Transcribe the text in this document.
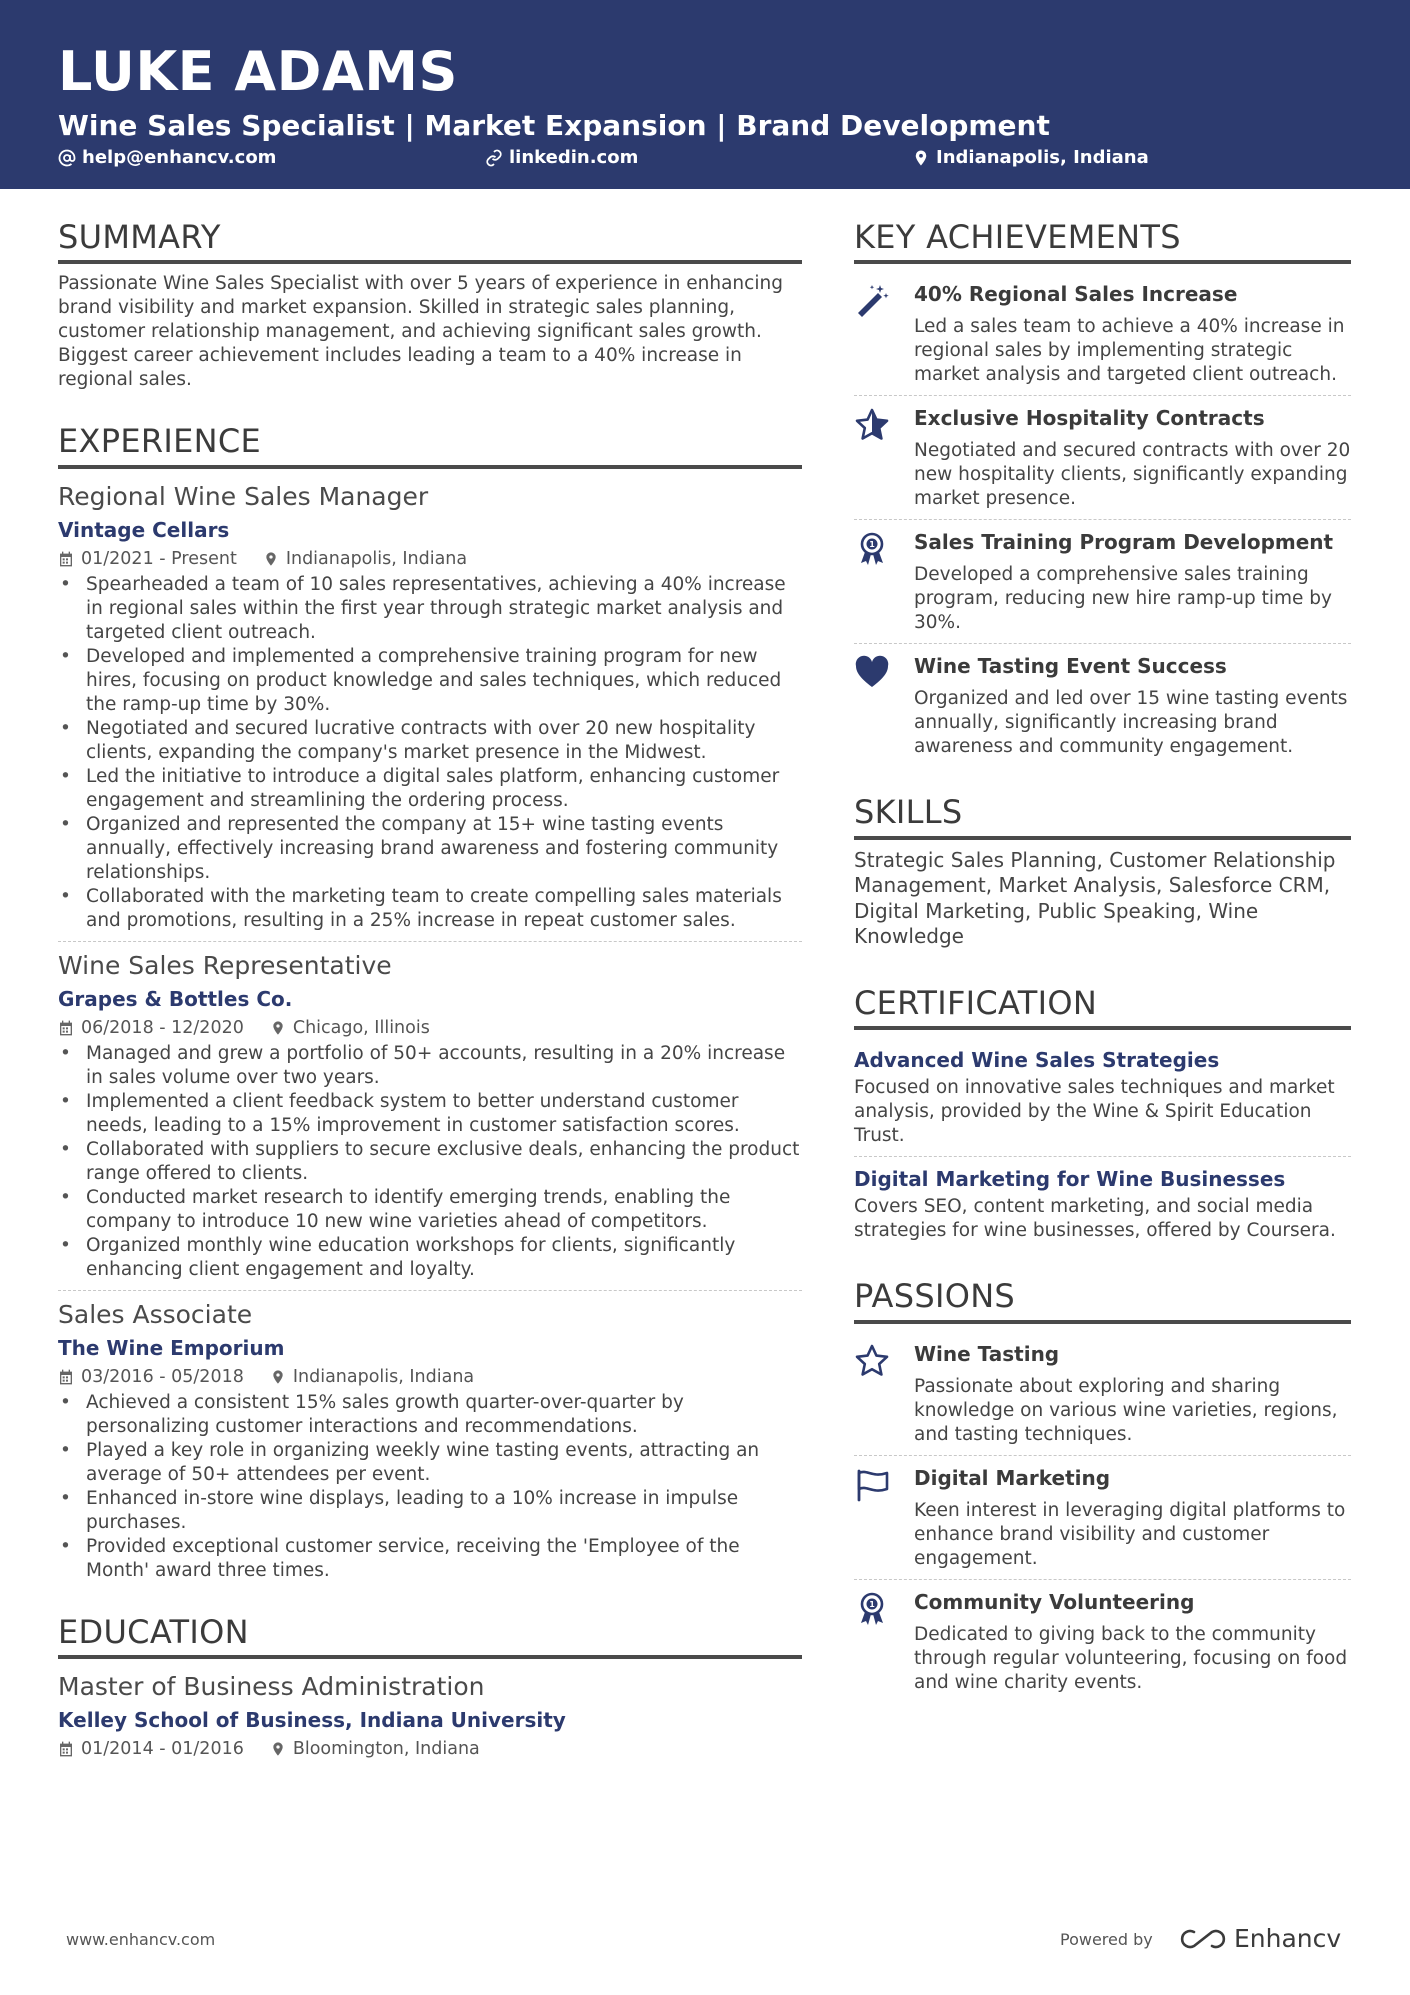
LUKE ADAMS
Wine Sales Specialist | Market Expansion | Brand Development
help@enhancv.com	linkedin.com	Indianapolis, Indiana
SUMMARY
Passionate Wine Sales Specialist with over 5 years of experience in enhancing brand visibility and market expansion. Skilled in strategic sales planning, customer relationship management, and achieving significant sales growth. Biggest career achievement includes leading a team to a 40% increase in regional sales.
EXPERIENCE
Regional Wine Sales Manager
Vintage Cellars
01/2021 - Present	Indianapolis, Indiana
• Spearheaded a team of 10 sales representatives, achieving a 40% increase in regional sales within the first year through strategic market analysis and targeted client outreach.
• Developed and implemented a comprehensive training program for new hires, focusing on product knowledge and sales techniques, which reduced the ramp-up time by 30%.
• Negotiated and secured lucrative contracts with over 20 new hospitality clients, expanding the company's market presence in the Midwest.
• Led the initiative to introduce a digital sales platform, enhancing customer engagement and streamlining the ordering process.
• Organized and represented the company at 15+ wine tasting events annually, effectively increasing brand awareness and fostering community relationships.
• Collaborated with the marketing team to create compelling sales materials and promotions, resulting in a 25% increase in repeat customer sales.
Wine Sales Representative
Grapes & Bottles Co.
06/2018 - 12/2020	Chicago, Illinois
• Managed and grew a portfolio of 50+ accounts, resulting in a 20% increase in sales volume over two years.
• Implemented a client feedback system to better understand customer needs, leading to a 15% improvement in customer satisfaction scores.
• Collaborated with suppliers to secure exclusive deals, enhancing the product range offered to clients.
• Conducted market research to identify emerging trends, enabling the company to introduce 10 new wine varieties ahead of competitors.
• Organized monthly wine education workshops for clients, significantly enhancing client engagement and loyalty.
Sales Associate
The Wine Emporium
03/2016 - 05/2018	Indianapolis, Indiana
• Achieved a consistent 15% sales growth quarter-over-quarter by personalizing customer interactions and recommendations.
• Played a key role in organizing weekly wine tasting events, attracting an average of 50+ attendees per event.
• Enhanced in-store wine displays, leading to a 10% increase in impulse purchases.
• Provided exceptional customer service, receiving the 'Employee of the Month' award three times.
EDUCATION
Master of Business Administration
Kelley School of Business, Indiana University
01/2014 - 01/2016	Bloomington, Indiana
KEY ACHIEVEMENTS
40% Regional Sales Increase
Led a sales team to achieve a 40% increase in regional sales by implementing strategic market analysis and targeted client outreach.
Exclusive Hospitality Contracts
Negotiated and secured contracts with over 20 new hospitality clients, significantly expanding market presence.
1 Sales Training Program Development
Developed a comprehensive sales training program, reducing new hire ramp-up time by 30%.
Wine Tasting Event Success
Organized and led over 15 wine tasting events annually, significantly increasing brand awareness and community engagement.
SKILLS
Strategic Sales Planning, Customer Relationship Management, Market Analysis, Salesforce CRM, Digital Marketing, Public Speaking, Wine Knowledge
CERTIFICATION
Advanced Wine Sales Strategies
Focused on innovative sales techniques and market analysis, provided by the Wine & Spirit Education Trust.
Digital Marketing for Wine Businesses
Covers SEO, content marketing, and social media strategies for wine businesses, offered by Coursera.
PASSIONS
Wine Tasting
Passionate about exploring and sharing knowledge on various wine varieties, regions, and tasting techniques.
Digital Marketing
Keen interest in leveraging digital platforms to enhance brand visibility and customer engagement.
1 Community Volunteering
Dedicated to giving back to the community through regular volunteering, focusing on food and wine charity events.
www.enhancv.com	Powered by	Enhancv
